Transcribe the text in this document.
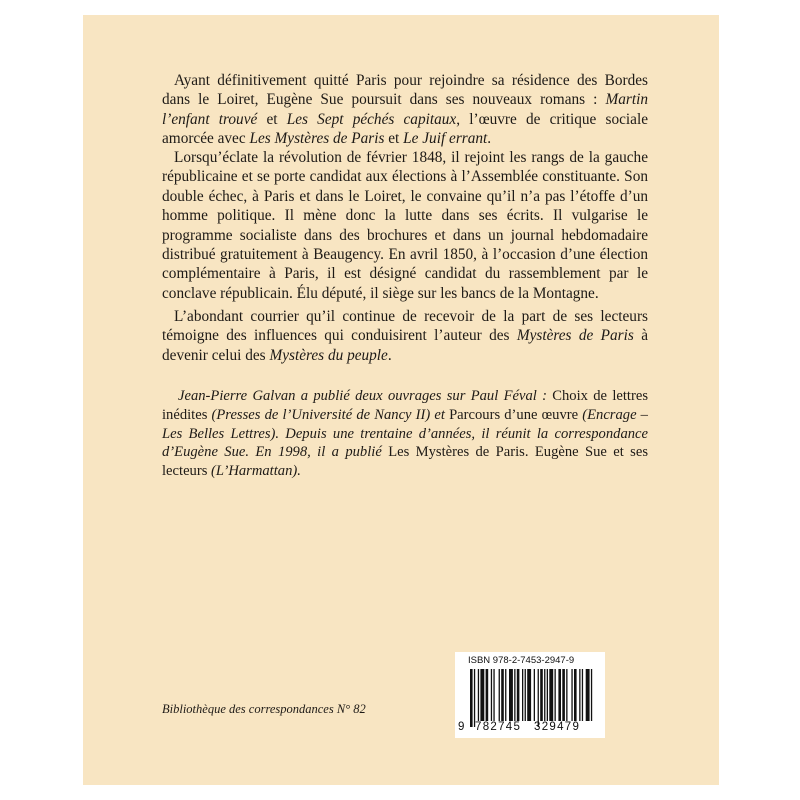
Ayant définitivement quitté Paris pour rejoindre sa résidence des Bordes dans le Loiret, Eugène Sue poursuit dans ses nouveaux romans : Martin l’enfant trouvé et Les Sept péchés capitaux, l’œuvre de critique sociale amorcée avec Les Mystères de Paris et Le Juif errant.

Lorsqu’éclate la révolution de février 1848, il rejoint les rangs de la gauche républicaine et se porte candidat aux élections à l’Assemblée constituante. Son double échec, à Paris et dans le Loiret, le convaine qu’il n’a pas l’étoffe d’un homme politique. Il mène donc la lutte dans ses écrits. Il vulgarise le programme socialiste dans des brochures et dans un journal hebdomadaire distribué gratuitement à Beaugency. En avril 1850, à l’occasion d’une élection complémentaire à Paris, il est désigné candidat du rassemblement par le conclave républicain. Élu député, il siège sur les bancs de la Montagne.

L’abondant courrier qu’il continue de recevoir de la part de ses lecteurs témoigne des influences qui conduisirent l’auteur des Mystères de Paris à devenir celui des Mystères du peuple.

Jean-Pierre Galvan a publié deux ouvrages sur Paul Féval : Choix de lettres inédites (Presses de l’Université de Nancy II) et Parcours d’une œuvre (Encrage – Les Belles Lettres). Depuis une trentaine d’années, il réunit la correspondance d’Eugène Sue. En 1998, il a publié Les Mystères de Paris. Eugène Sue et ses lecteurs (L’Harmattan).

Bibliothèque des correspondances N° 82

ISBN 978-2-7453-2947-9
9 782745 329479
